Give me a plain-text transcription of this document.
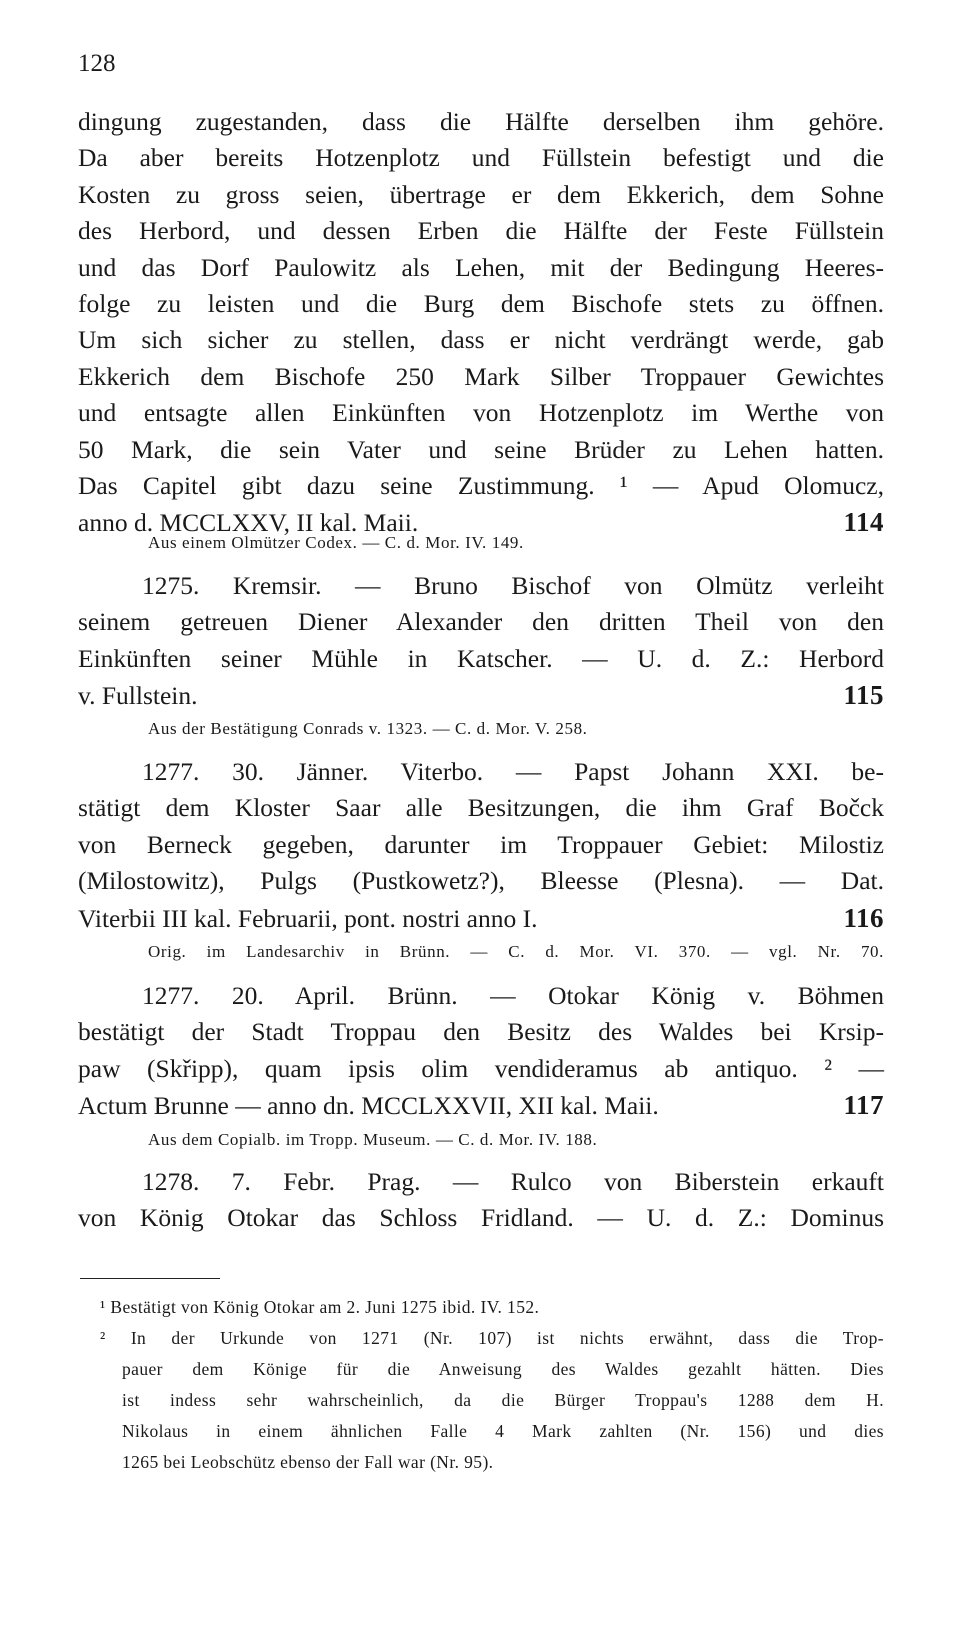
128
dingung zugestanden, dass die Hälfte derselben ihm gehöre.
Da aber bereits Hotzenplotz und Füllstein befestigt und die
Kosten zu gross seien, übertrage er dem Ekkerich, dem Sohne
des Herbord, und dessen Erben die Hälfte der Feste Füllstein
und das Dorf Paulowitz als Lehen, mit der Bedingung Heeres-
folge zu leisten und die Burg dem Bischofe stets zu öffnen.
Um sich sicher zu stellen, dass er nicht verdrängt werde, gab
Ekkerich dem Bischofe 250 Mark Silber Troppauer Gewichtes
und entsagte allen Einkünften von Hotzenplotz im Werthe von
50 Mark, die sein Vater und seine Brüder zu Lehen hatten.
Das Capitel gibt dazu seine Zustimmung. ¹ — Apud Olomucz,
anno d. MCCLXXV, II kal. Maii.	114
Aus einem Olmützer Codex. — C. d. Mor. IV. 149.
1275. Kremsir. — Bruno Bischof von Olmütz verleiht
seinem getreuen Diener Alexander den dritten Theil von den
Einkünften seiner Mühle in Katscher. — U. d. Z.: Herbord
v. Fullstein.	115
Aus der Bestätigung Conrads v. 1323. — C. d. Mor. V. 258.
1277. 30. Jänner. Viterbo. — Papst Johann XXI. be-
stätigt dem Kloster Saar alle Besitzungen, die ihm Graf Bočck
von Berneck gegeben, darunter im Troppauer Gebiet: Milostiz
(Milostowitz), Pulgs (Pustkowetz?), Bleesse (Plesna). — Dat.
Viterbii III kal. Februarii, pont. nostri anno I.	116
Orig. im Landesarchiv in Brünn. — C. d. Mor. VI. 370. — vgl. Nr. 70.
1277. 20. April. Brünn. — Otokar König v. Böhmen
bestätigt der Stadt Troppau den Besitz des Waldes bei Krsip-
paw (Skřipp), quam ipsis olim vendideramus ab antiquo. ² —
Actum Brunne — anno dn. MCCLXXVII, XII kal. Maii.	117
Aus dem Copialb. im Tropp. Museum. — C. d. Mor. IV. 188.
1278. 7. Febr. Prag. — Rulco von Biberstein erkauft
von König Otokar das Schloss Fridland. — U. d. Z.: Dominus
¹ Bestätigt von König Otokar am 2. Juni 1275 ibid. IV. 152.
² In der Urkunde von 1271 (Nr. 107) ist nichts erwähnt, dass die Trop-
pauer dem Könige für die Anweisung des Waldes gezahlt hätten. Dies
ist indess sehr wahrscheinlich, da die Bürger Troppau's 1288 dem H.
Nikolaus in einem ähnlichen Falle 4 Mark zahlten (Nr. 156) und dies
1265 bei Leobschütz ebenso der Fall war (Nr. 95).
